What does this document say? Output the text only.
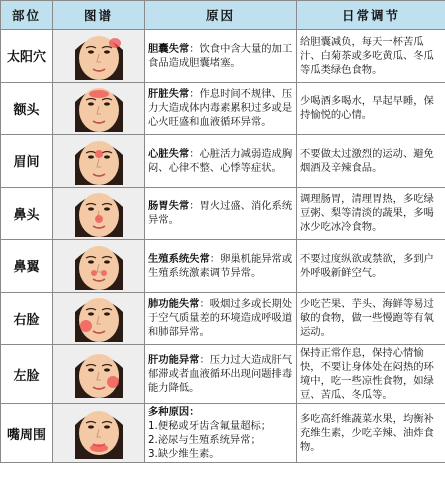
部位	图谱	原因	日常调节
太阳穴		胆囊失常：饮食中含大量的加工食品造成胆囊堵塞。	给胆囊减负，每天一杯苦瓜汁、白菊茶或多吃黄瓜、冬瓜等瓜类绿色食物。
额头		肝脏失常：作息时间不规律、压力大造成体内毒素累积过多或是心火旺盛和血液循环异常。	少喝酒多喝水，早起早睡，保持愉悦的心情。
眉间		心脏失常：心脏活力减弱造成胸闷、心律不整、心悸等症状。	不要做太过激烈的运动、避免烟酒及辛辣食品。
鼻头		肠胃失常：胃火过盛、消化系统异常。	调理肠胃，清理胃热，多吃绿豆粥、梨等清淡的蔬果，多喝冰少吃冰冷食物。
鼻翼		生殖系统失常：卵巢机能异常或生殖系统激素调节异常。	不要过度纵欲或禁欲，多到户外呼吸新鲜空气。
右脸		肺功能失常：吸烟过多或长期处于空气质量差的环境造成呼吸道和肺部异常。	少吃芒果、芋头、海鲜等易过敏的食物，做一些慢跑等有氧运动。
左脸		肝功能异常：压力过大造成肝气郁滞或者血液循环出现问题排毒能力降低。	保持正常作息，保持心情愉快，不要让身体处在闷热的环境中，吃一些凉性食物，如绿豆、苦瓜、冬瓜等。
嘴周围		多种原因：
1.便秘或牙齿含氟量超标；
2.泌尿与生殖系统异常；
3.缺少维生素。	多吃高纤维蔬菜水果，均衡补充维生素，少吃辛辣、油炸食物。
